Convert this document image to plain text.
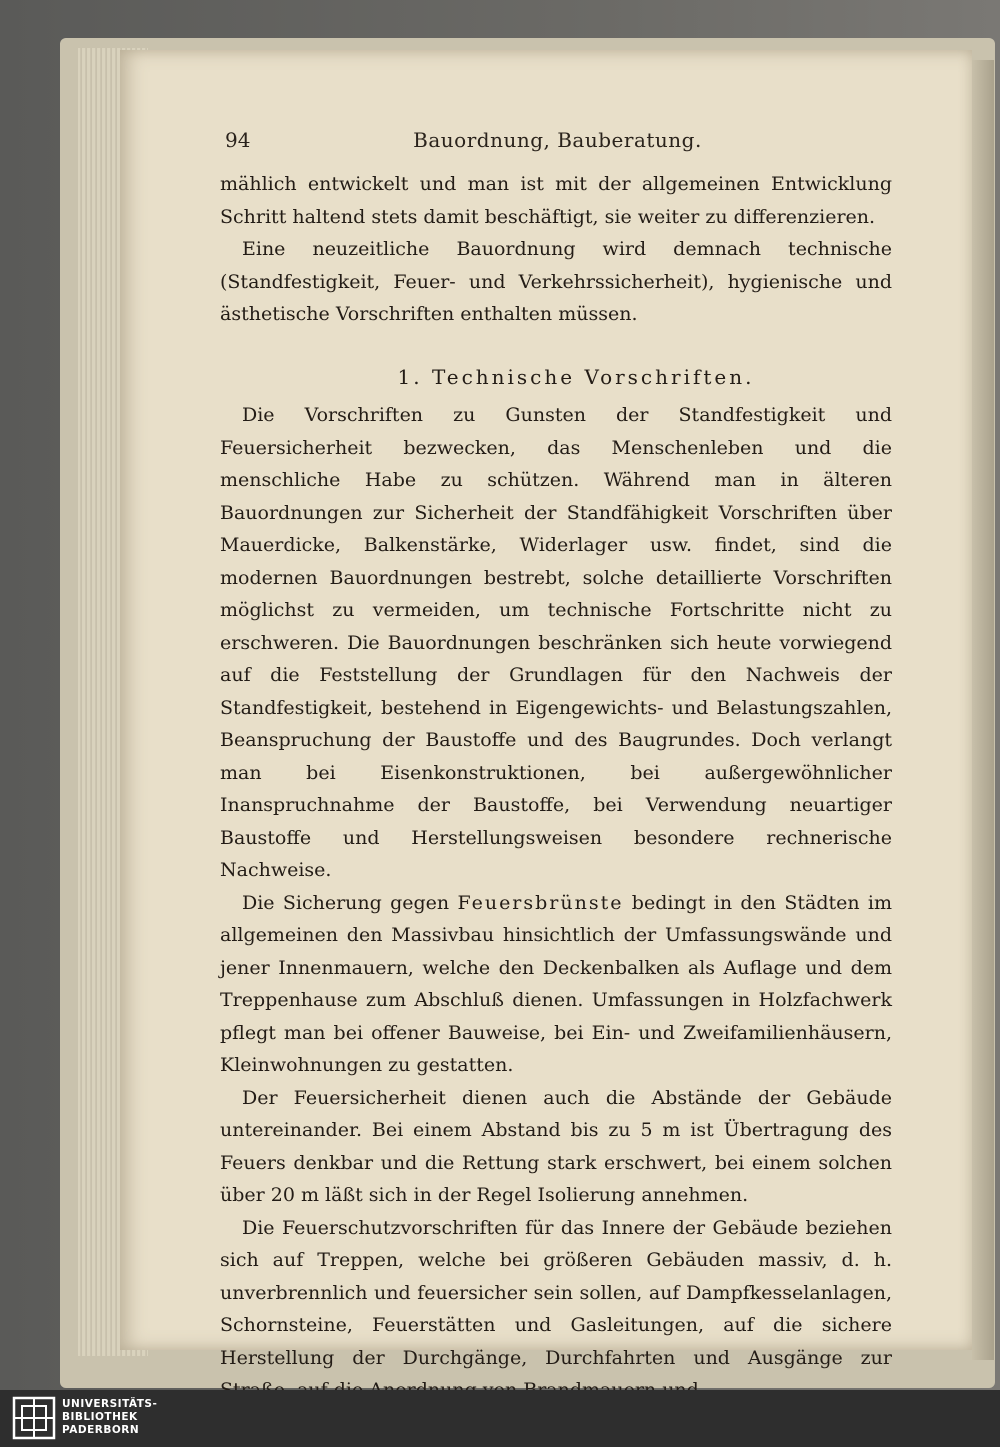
94	Bauordnung, Bauberatung.

mählich entwickelt und man ist mit der allgemeinen Entwicklung Schritt haltend stets damit beschäftigt, sie weiter zu differenzieren.

Eine neuzeitliche Bauordnung wird demnach technische (Standfestigkeit, Feuer- und Verkehrssicherheit), hygienische und ästhetische Vorschriften enthalten müssen.

1. Technische Vorschriften.

Die Vorschriften zu Gunsten der Standfestigkeit und Feuersicherheit bezwecken, das Menschenleben und die menschliche Habe zu schützen. Während man in älteren Bauordnungen zur Sicherheit der Standfähigkeit Vorschriften über Mauerdicke, Balkenstärke, Widerlager usw. findet, sind die modernen Bauordnungen bestrebt, solche detaillierte Vorschriften möglichst zu vermeiden, um technische Fortschritte nicht zu erschweren. Die Bauordnungen beschränken sich heute vorwiegend auf die Feststellung der Grundlagen für den Nachweis der Standfestigkeit, bestehend in Eigengewichts- und Belastungszahlen, Beanspruchung der Baustoffe und des Baugrundes. Doch verlangt man bei Eisenkonstruktionen, bei außergewöhnlicher Inanspruchnahme der Baustoffe, bei Verwendung neuartiger Baustoffe und Herstellungsweisen besondere rechnerische Nachweise.

Die Sicherung gegen Feuersbrünste bedingt in den Städten im allgemeinen den Massivbau hinsichtlich der Umfassungswände und jener Innenmauern, welche den Deckenbalken als Auflage und dem Treppenhause zum Abschluß dienen. Umfassungen in Holzfachwerk pflegt man bei offener Bauweise, bei Ein- und Zweifamilienhäusern, Kleinwohnungen zu gestatten.

Der Feuersicherheit dienen auch die Abstände der Gebäude untereinander. Bei einem Abstand bis zu 5 m ist Übertragung des Feuers denkbar und die Rettung stark erschwert, bei einem solchen über 20 m läßt sich in der Regel Isolierung annehmen.

Die Feuerschutzvorschriften für das Innere der Gebäude beziehen sich auf Treppen, welche bei größeren Gebäuden massiv, d. h. unverbrennlich und feuersicher sein sollen, auf Dampfkesselanlagen, Schornsteine, Feuerstätten und Gasleitungen, auf die sichere Herstellung der Durchgänge, Durchfahrten und Ausgänge zur

UNIVERSITÄTS-
BIBLIOTHEK
PADERBORN
